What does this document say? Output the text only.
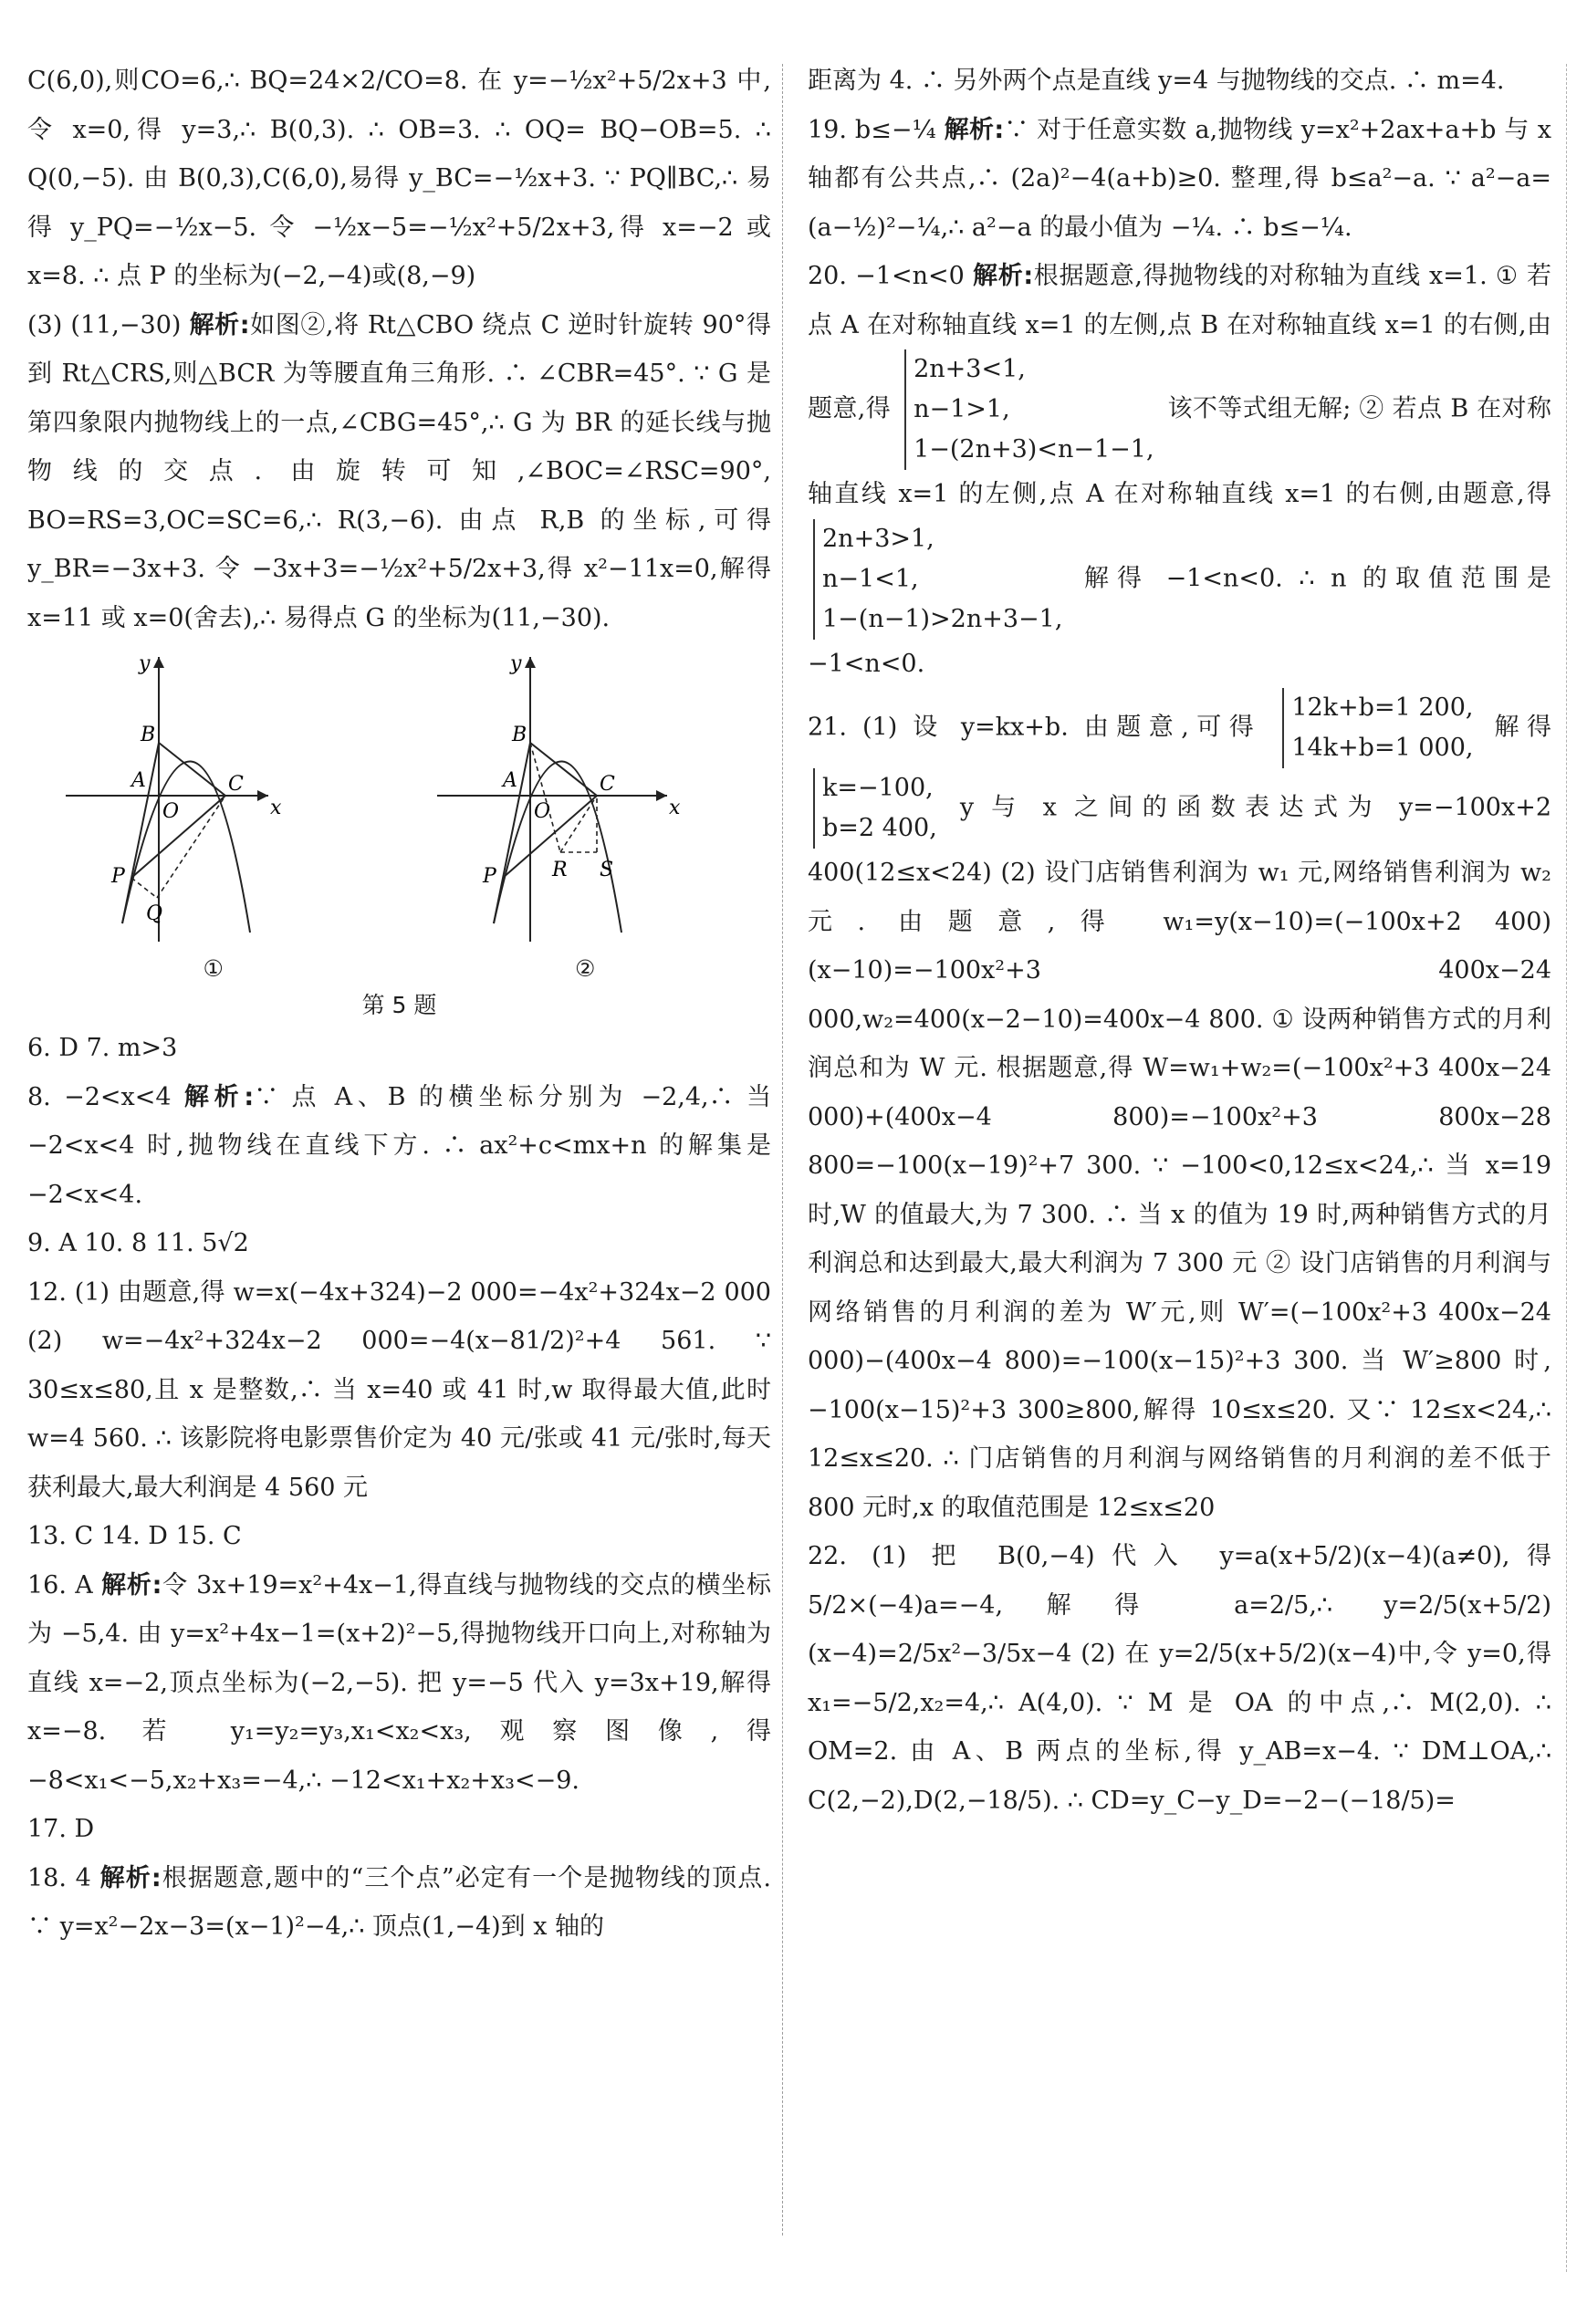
C(6,0),则CO=6,∴ BQ=24×2/CO=8. 在 y=−½x²+5/2x+3 中,令 x=0,得 y=3,∴ B(0,3). ∴ OB=3. ∴ OQ= BQ−OB=5. ∴ Q(0,−5). 由 B(0,3),C(6,0),易得 y_BC=−½x+3. ∵ PQ∥BC,∴ 易得 y_PQ=−½x−5. 令 −½x−5=−½x²+5/2x+3,得 x=−2 或 x=8. ∴ 点 P 的坐标为(−2,−4)或(8,−9)

(3) (11,−30) 解析:如图②,将 Rt△CBO 绕点 C 逆时针旋转 90°得到 Rt△CRS,则△BCR 为等腰直角三角形. ∴ ∠CBR=45°. ∵ G 是第四象限内抛物线上的一点,∠CBG=45°,∴ G 为 BR 的延长线与抛物线的交点. 由旋转可知,∠BOC=∠RSC=90°, BO=RS=3,OC=SC=6,∴ R(3,−6). 由点 R,B 的坐标,可得 y_BR=−3x+3. 令 −3x+3=−½x²+5/2x+3,得 x²−11x=0,解得 x=11 或 x=0(舍去),∴ 易得点 G 的坐标为(11,−30).

y
x
B
A
O
C
P
Q
y
x
B
A
O
C
P	R S

①	②

第 5 题

6. D 7. m>3

8. −2<x<4 解析:∵ 点 A、B 的横坐标分别为 −2,4,∴ 当 −2<x<4 时,抛物线在直线下方. ∴ ax²+c<mx+n 的解集是 −2<x<4.

9. A 10. 8 11. 5√2

12. (1) 由题意,得 w=x(−4x+324)−2 000=−4x²+324x−2 000 (2) w=−4x²+324x−2 000=−4(x−81/2)²+4 561. ∵ 30≤x≤80,且 x 是整数,∴ 当 x=40 或 41 时,w 取得最大值,此时 w=4 560. ∴ 该影院将电影票售价定为 40 元/张或 41 元/张时,每天获利最大,最大利润是 4 560 元

13. C 14. D 15. C

16. A 解析:令 3x+19=x²+4x−1,得直线与抛物线的交点的横坐标为 −5,4. 由 y=x²+4x−1=(x+2)²−5,得抛物线开口向上,对称轴为直线 x=−2,顶点坐标为(−2,−5). 把 y=−5 代入 y=3x+19,解得 x=−8. 若 y₁=y₂=y₃,x₁<x₂<x₃,观察图像,得 −8<x₁<−5,x₂+x₃=−4,∴ −12<x₁+x₂+x₃<−9.

17. D

18. 4 解析:根据题意,题中的“三个点”必定有一个是抛物线的顶点. ∵ y=x²−2x−3=(x−1)²−4,∴ 顶点(1,−4)到 x 轴的

距离为 4. ∴ 另外两个点是直线 y=4 与抛物线的交点. ∴ m=4.

19. b≤−¼ 解析:∵ 对于任意实数 a,抛物线 y=x²+2ax+a+b 与 x 轴都有公共点,∴ (2a)²−4(a+b)≥0. 整理,得 b≤a²−a. ∵ a²−a=(a−½)²−¼,∴ a²−a 的最小值为 −¼. ∴ b≤−¼.

20. −1<n<0 解析:根据题意,得抛物线的对称轴为直线 x=1. ① 若点 A 在对称轴直线 x=1 的左侧,点 B 在对称轴直线 x=1 的右侧,由题意,得
2n+3<1,
n−1>1,
1−(2n+3)<n−1−1,
该不等式组无解; ② 若点 B 在对称轴直线 x=1 的左侧,点 A 在对称轴直线 x=1 的右侧,由题意,得
2n+3>1,
n−1<1,
1−(n−1)>2n+3−1,
解得 −1<n<0. ∴ n 的取值范围是 −1<n<0.

21. (1) 设 y=kx+b. 由题意,可得
12k+b=1 200,
14k+b=1 000,
解得
k=−100,
b=2 400,
y 与 x 之间的函数表达式为 y=−100x+2 400(12≤x<24) (2) 设门店销售利润为 w₁ 元,网络销售利润为 w₂ 元. 由题意,得 w₁=y(x−10)=(−100x+2 400)(x−10)=−100x²+3 400x−24 000,w₂=400(x−2−10)=400x−4 800. ① 设两种销售方式的月利润总和为 W 元. 根据题意,得 W=w₁+w₂=(−100x²+3 400x−24 000)+(400x−4 800)=−100x²+3 800x−28 800=−100(x−19)²+7 300. ∵ −100<0,12≤x<24,∴ 当 x=19 时,W 的值最大,为 7 300. ∴ 当 x 的值为 19 时,两种销售方式的月利润总和达到最大,最大利润为 7 300 元 ② 设门店销售的月利润与网络销售的月利润的差为 W′元,则 W′=(−100x²+3 400x−24 000)−(400x−4 800)=−100(x−15)²+3 300. 当 W′≥800 时,−100(x−15)²+3 300≥800,解得 10≤x≤20. 又∵ 12≤x<24,∴ 12≤x≤20. ∴ 门店销售的月利润与网络销售的月利润的差不低于 800 元时,x 的取值范围是 12≤x≤20

22. (1) 把 B(0,−4)代入 y=a(x+5/2)(x−4)(a≠0),得 5/2×(−4)a=−4,解得 a=2/5,∴ y=2/5(x+5/2)(x−4)=2/5x²−3/5x−4 (2) 在 y=2/5(x+5/2)(x−4)中,令 y=0,得 x₁=−5/2,x₂=4,∴ A(4,0). ∵ M 是 OA 的中点,∴ M(2,0). ∴ OM=2. 由 A、B 两点的坐标,得 y_AB=x−4. ∵ DM⊥OA,∴ C(2,−2),D(2,−18/5). ∴ CD=y_C−y_D=−2−(−18/5)=
